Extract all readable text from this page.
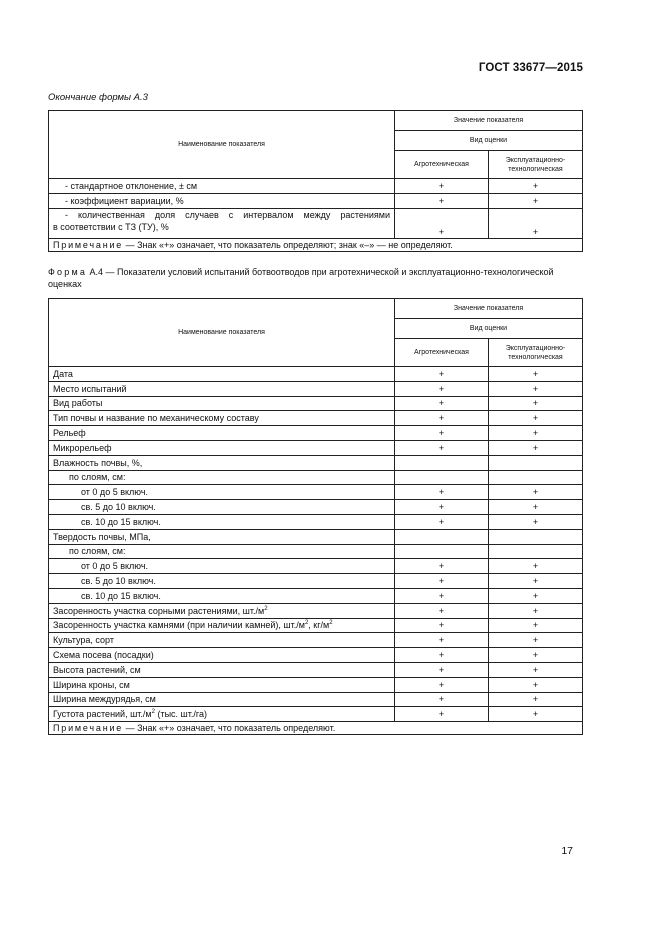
ГОСТ 33677—2015
Окончание формы А.3
Наименование показателя	Значение показателя	
	Вид оценки	
	Агротехническая	Эксплуатационно-технологическая
- стандартное отклонение, ± см	+	+
- коэффициент вариации, %	+	+

- количественная доля случаев с интервалом между растениями
в соответствии с ТЗ (ТУ), %	+	+
Примечание — Знак «+» означает, что показатель определяют; знак «–» — не определяют.		
Форма А.4 — Показатели условий испытаний ботвоотводов при агротехнической и эксплуатационно-технологической оценках
Наименование показателя	Значение показателя	
	Вид оценки	
	Агротехническая	Эксплуатационно-технологическая
Дата	+	+
Место испытаний	+	+
Вид работы	+	+
Тип почвы и название по механическому составу	+	+
Рельеф	+	+
Микрорельеф	+	+
Влажность почвы, %,		
по слоям, см:		
от 0 до 5 включ.	+	+
св. 5 до 10 включ.	+	+
св. 10 до 15 включ.	+	+
Твердость почвы, МПа,		
по слоям, см:		
от 0 до 5 включ.	+	+
св. 5 до 10 включ.	+	+
св. 10 до 15 включ.	+	+
Засоренность участка сорными растениями, $шт./м^2$	+	+
Засоренность участка камнями (при наличии камней), $шт./м^2$, $кг/м^2$	+	+
Культура, сорт	+	+
Схема посева (посадки)	+	+
Высота растений, см	+	+
Ширина кроны, см	+	+
Ширина междурядья, см	+	+
Густота растений, $шт./м^2$ (тыс. шт./га)	+	+
Примечание — Знак «+» означает, что показатель определяют.		
17
